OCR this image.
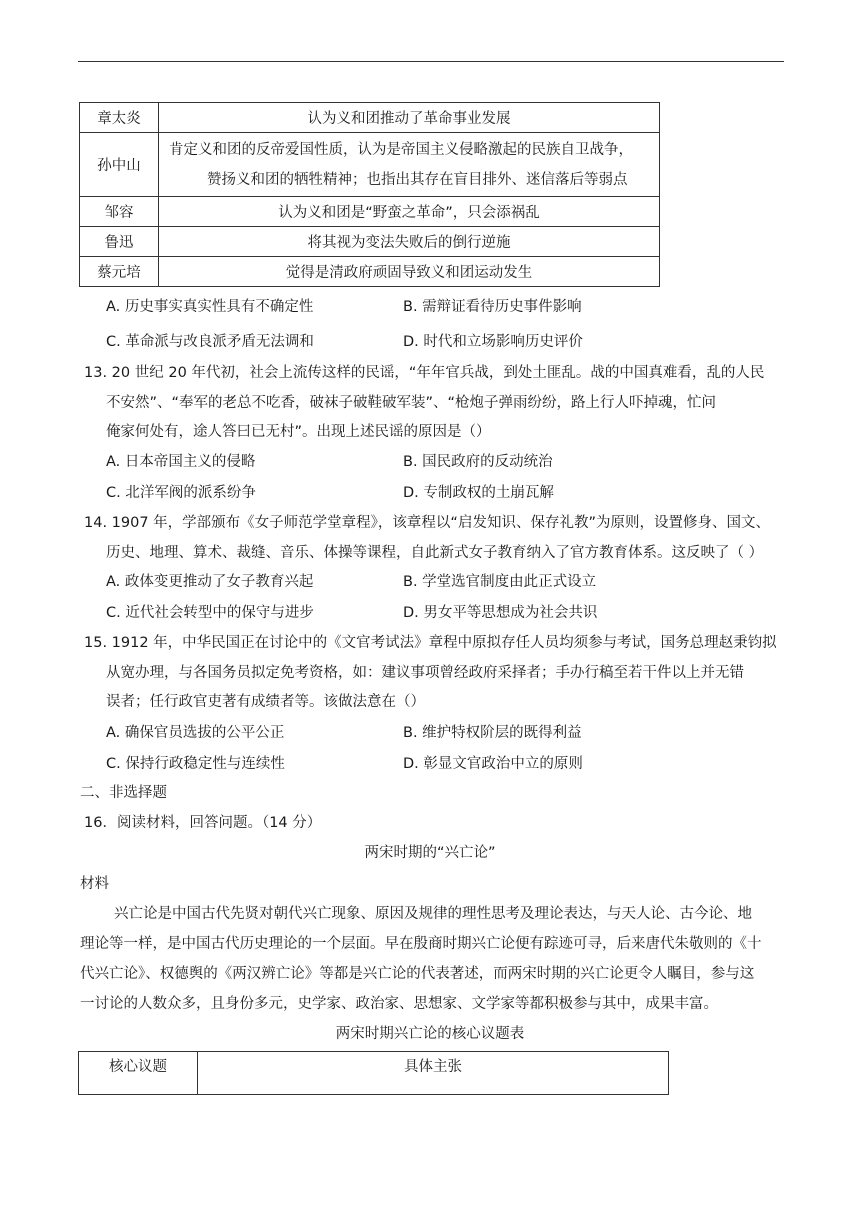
章太炎	认为义和团推动了革命事业发展
孙中山	肯定义和团的反帝爱国性质，认为是帝国主义侵略激起的民族自卫战争，
赞扬义和团的牺牲精神；也指出其存在盲目排外、迷信落后等弱点

邹容	认为义和团是“野蛮之革命”，只会添祸乱
鲁迅	将其视为变法失败后的倒行逆施
蔡元培	觉得是清政府顽固导致义和团运动发生
A. 历史事实真实性具有不确定性	B. 需辩证看待历史事件影响
C. 革命派与改良派矛盾无法调和	D. 时代和立场影响历史评价
13. 20 世纪 20 年代初，社会上流传这样的民谣，“年年官兵战，到处土匪乱。战的中国真难看，乱的人民
不安然”、“奉军的老总不吃香，破袜子破鞋破军装”、“枪炮子弹雨纷纷，路上行人吓掉魂，忙问
俺家何处有，途人答曰已无村”。出现上述民谣的原因是（）
A. 日本帝国主义的侵略	B. 国民政府的反动统治
C. 北洋军阀的派系纷争	D. 专制政权的土崩瓦解
14. 1907 年，学部颁布《女子师范学堂章程》，该章程以“启发知识、保存礼教”为原则，设置修身、国文、
历史、地理、算术、裁缝、音乐、体操等课程，自此新式女子教育纳入了官方教育体系。这反映了（ ）
A. 政体变更推动了女子教育兴起	B. 学堂选官制度由此正式设立
C. 近代社会转型中的保守与进步	D. 男女平等思想成为社会共识
15. 1912 年，中华民国正在讨论中的《文官考试法》章程中原拟存任人员均须参与考试，国务总理赵秉钧拟
从宽办理，与各国务员拟定免考资格，如：建议事项曾经政府采择者；手办行稿至若干件以上并无错
误者；任行政官吏著有成绩者等。该做法意在（）
A. 确保官员选拔的公平公正	B. 维护特权阶层的既得利益
C. 保持行政稳定性与连续性	D. 彰显文官政治中立的原则
二、非选择题
16．阅读材料，回答问题。（14 分）
两宋时期的“兴亡论”
材料
兴亡论是中国古代先贤对朝代兴亡现象、原因及规律的理性思考及理论表达，与天人论、古今论、地
理论等一样，是中国古代历史理论的一个层面。早在殷商时期兴亡论便有踪迹可寻，后来唐代朱敬则的《十
代兴亡论》、权德舆的《两汉辨亡论》等都是兴亡论的代表著述，而两宋时期的兴亡论更令人瞩目，参与这
一讨论的人数众多，且身份多元，史学家、政治家、思想家、文学家等都积极参与其中，成果丰富。
两宋时期兴亡论的核心议题表
核心议题	具体主张
